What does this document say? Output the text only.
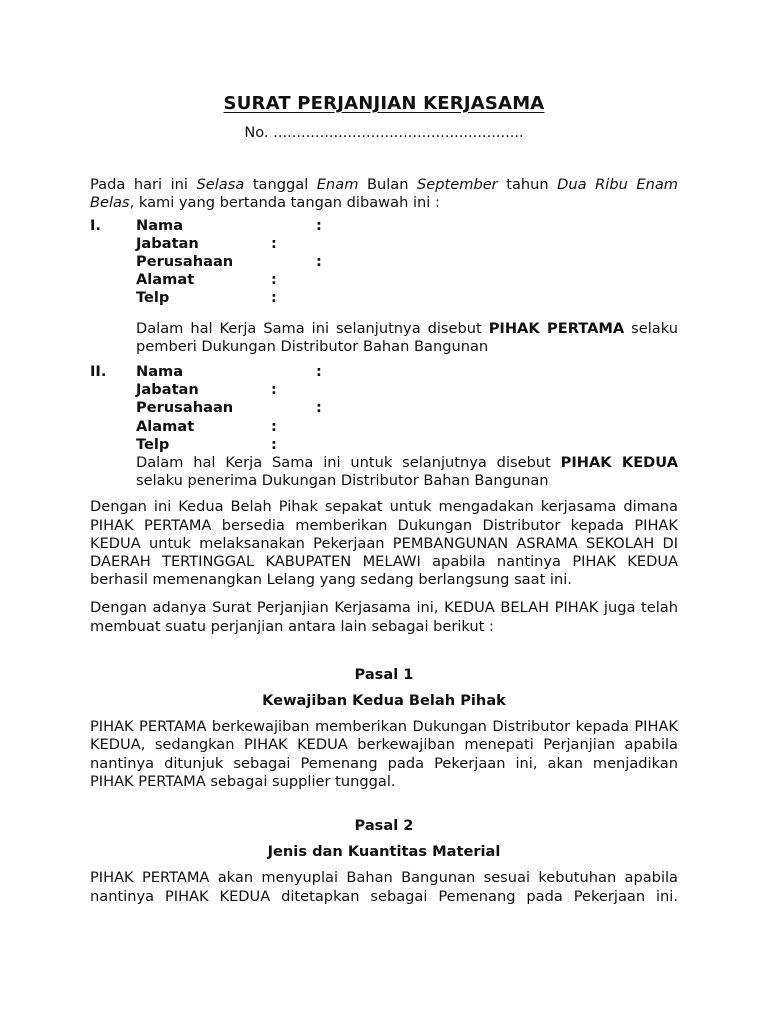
SURAT PERJANJIAN KERJASAMA
No. ......................................................
Pada hari ini Selasa tanggal Enam Bulan September tahun Dua Ribu Enam Belas, kami yang bertanda tangan dibawah ini :
I. Nama	:
Jabatan	:
Perusahaan	:
Alamat	:
Telp	:
Dalam hal Kerja Sama ini selanjutnya disebut PIHAK PERTAMA selaku pemberi Dukungan Distributor Bahan Bangunan
II. Nama	:
Jabatan	:
Perusahaan	:
Alamat	:
Telp	:
Dalam hal Kerja Sama ini untuk selanjutnya disebut PIHAK KEDUA selaku penerima Dukungan Distributor Bahan Bangunan
Dengan ini Kedua Belah Pihak sepakat untuk mengadakan kerjasama dimana PIHAK PERTAMA bersedia memberikan Dukungan Distributor kepada PIHAK KEDUA untuk melaksanakan Pekerjaan PEMBANGUNAN ASRAMA SEKOLAH DI DAERAH TERTINGGAL KABUPATEN MELAWI apabila nantinya PIHAK KEDUA berhasil memenangkan Lelang yang sedang berlangsung saat ini.
Dengan adanya Surat Perjanjian Kerjasama ini, KEDUA BELAH PIHAK juga telah membuat suatu perjanjian antara lain sebagai berikut :
Pasal 1
Kewajiban Kedua Belah Pihak
PIHAK PERTAMA berkewajiban memberikan Dukungan Distributor kepada PIHAK KEDUA, sedangkan PIHAK KEDUA berkewajiban menepati Perjanjian apabila nantinya ditunjuk sebagai Pemenang pada Pekerjaan ini, akan menjadikan PIHAK PERTAMA sebagai supplier tunggal.
Pasal 2
Jenis dan Kuantitas Material
PIHAK PERTAMA akan menyuplai Bahan Bangunan sesuai kebutuhan apabila nantinya PIHAK KEDUA ditetapkan sebagai Pemenang pada Pekerjaan ini.
